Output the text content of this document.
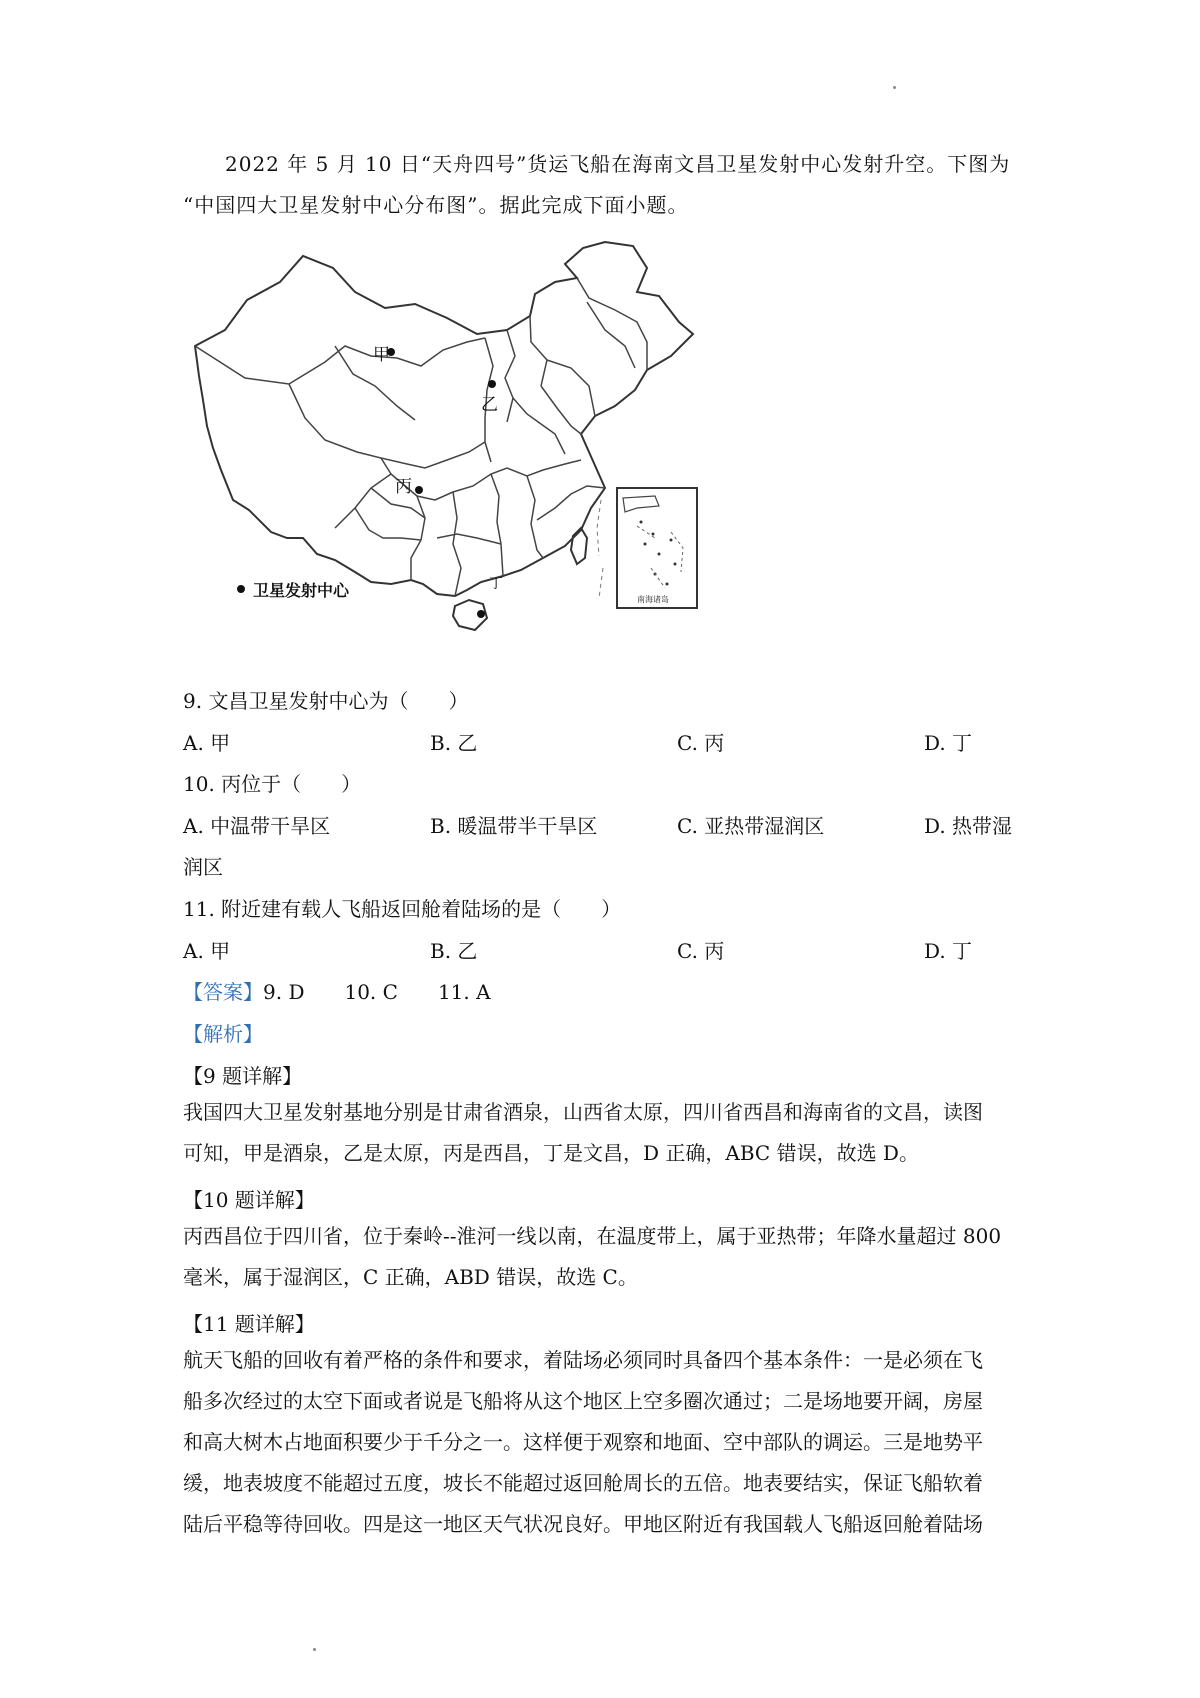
2022 年 5 月 10 日“天舟四号”货运飞船在海南文昌卫星发射中心发射升空。下图为

“中国四大卫星发射中心分布图”。据此完成下面小题。

甲
乙
丙
丁
卫星发射中心	南海诸岛
9. 文昌卫星发射中心为（　　）
A. 甲	B. 乙	C. 丙	D. 丁
10. 丙位于（　　）
A. 中温带干旱区	B. 暖温带半干旱区	C. 亚热带湿润区	D. 热带湿
润区
11. 附近建有载人飞船返回舱着陆场的是（　　）
A. 甲	B. 乙	C. 丙	D. 丁
【答案】9. D 10. C 11. A
【解析】
【9 题详解】

我国四大卫星发射基地分别是甘肃省酒泉，山西省太原，四川省西昌和海南省的文昌，读图

可知，甲是酒泉，乙是太原，丙是西昌，丁是文昌，D 正确，ABC 错误，故选 D。

【10 题详解】

丙西昌位于四川省，位于秦岭--淮河一线以南，在温度带上，属于亚热带；年降水量超过 800

毫米，属于湿润区，C 正确，ABD 错误，故选 C。

【11 题详解】

航天飞船的回收有着严格的条件和要求，着陆场必须同时具备四个基本条件：一是必须在飞

船多次经过的太空下面或者说是飞船将从这个地区上空多圈次通过；二是场地要开阔，房屋

和高大树木占地面积要少于千分之一。这样便于观察和地面、空中部队的调运。三是地势平

缓，地表坡度不能超过五度，坡长不能超过返回舱周长的五倍。地表要结实，保证飞船软着

陆后平稳等待回收。四是这一地区天气状况良好。甲地区附近有我国载人飞船返回舱着陆场
